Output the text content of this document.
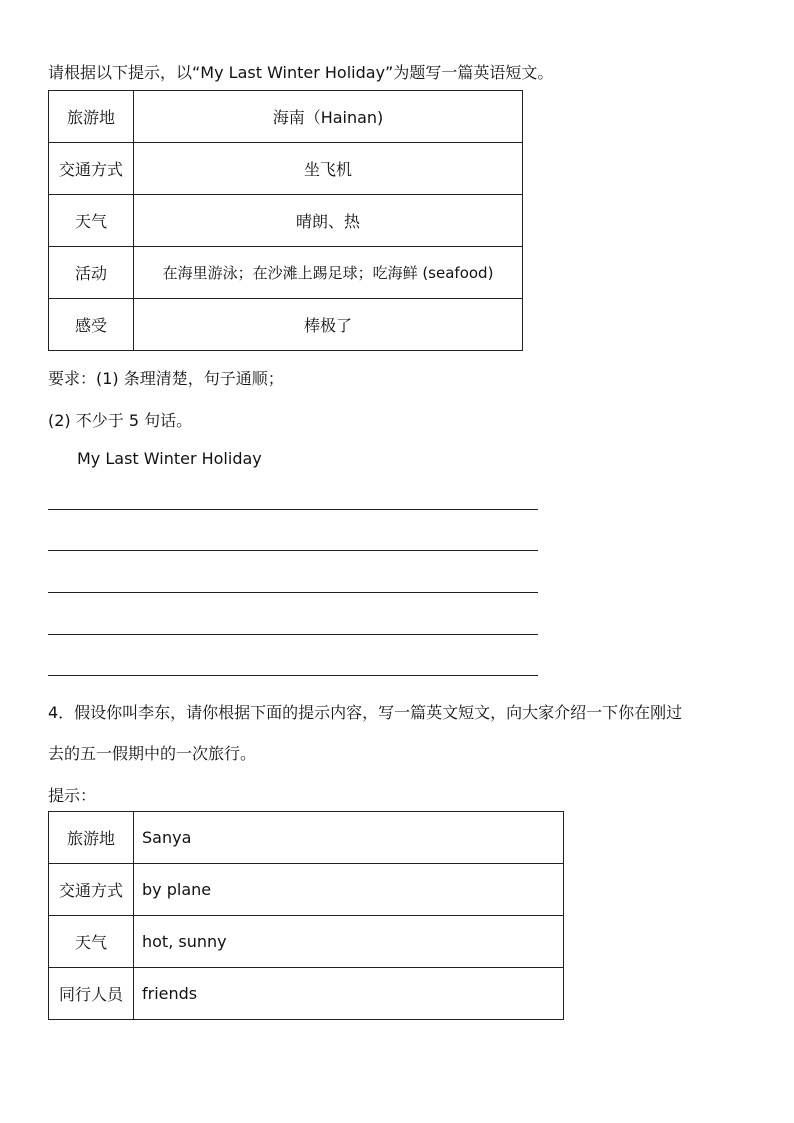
请根据以下提示，以“My Last Winter Holiday”为题写一篇英语短文。
旅游地	海南（Hainan)
交通方式	坐飞机
天气	晴朗、热
活动	在海里游泳；在沙滩上踢足球；吃海鲜 (seafood)
感受	棒极了
要求：(1) 条理清楚，句子通顺；
(2) 不少于 5 句话。
My Last Winter Holiday
4．假设你叫李东，请你根据下面的提示内容，写一篇英文短文，向大家介绍一下你在刚过
去的五一假期中的一次旅行。
提示：
旅游地	Sanya
交通方式	by plane
天气	hot, sunny
同行人员	friends
